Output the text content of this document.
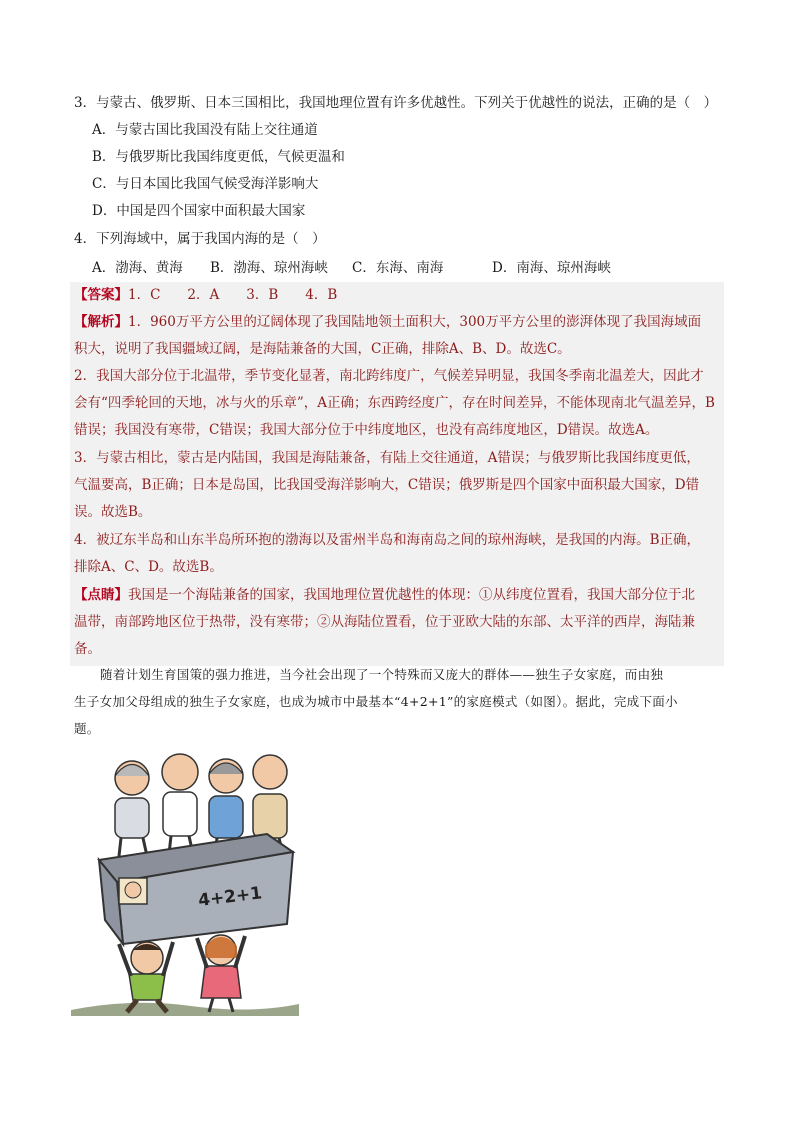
3．与蒙古、俄罗斯、日本三国相比，我国地理位置有许多优越性。下列关于优越性的说法，正确的是（　）
A．与蒙古国比我国没有陆上交往通道
B．与俄罗斯比我国纬度更低，气候更温和
C．与日本国比我国气候受海洋影响大
D．中国是四个国家中面积最大国家
4．下列海域中，属于我国内海的是（　）
A．渤海、黄海	B．渤海、琼州海峡	C．东海、南海	D．南海、琼州海峡
【答案】1．C　　2．A　　3．B　　4．B
【解析】1．960万平方公里的辽阔体现了我国陆地领土面积大，300万平方公里的澎湃体现了我国海域面
积大，说明了我国疆域辽阔，是海陆兼备的大国，C正确，排除A、B、D。故选C。
2．我国大部分位于北温带，季节变化显著，南北跨纬度广，气候差异明显，我国冬季南北温差大，因此才
会有“四季轮回的天地，冰与火的乐章”，A正确；东西跨经度广，存在时间差异，不能体现南北气温差异，B
错误；我国没有寒带，C错误；我国大部分位于中纬度地区，也没有高纬度地区，D错误。故选A。
3．与蒙古相比，蒙古是内陆国，我国是海陆兼备，有陆上交往通道，A错误；与俄罗斯比我国纬度更低，
气温要高，B正确；日本是岛国，比我国受海洋影响大，C错误；俄罗斯是四个国家中面积最大国家，D错
误。故选B。
4．被辽东半岛和山东半岛所环抱的渤海以及雷州半岛和海南岛之间的琼州海峡，是我国的内海。B正确，
排除A、C、D。故选B。
【点睛】我国是一个海陆兼备的国家，我国地理位置优越性的体现：①从纬度位置看，我国大部分位于北
温带，南部跨地区位于热带，没有寒带；②从海陆位置看，位于亚欧大陆的东部、太平洋的西岸，海陆兼
备。
随着计划生育国策的强力推进，当今社会出现了一个特殊而又庞大的群体——独生子女家庭，而由独
生子女加父母组成的独生子女家庭，也成为城市中最基本“4+2+1”的家庭模式（如图）。据此，完成下面小
题。
4+2+1
